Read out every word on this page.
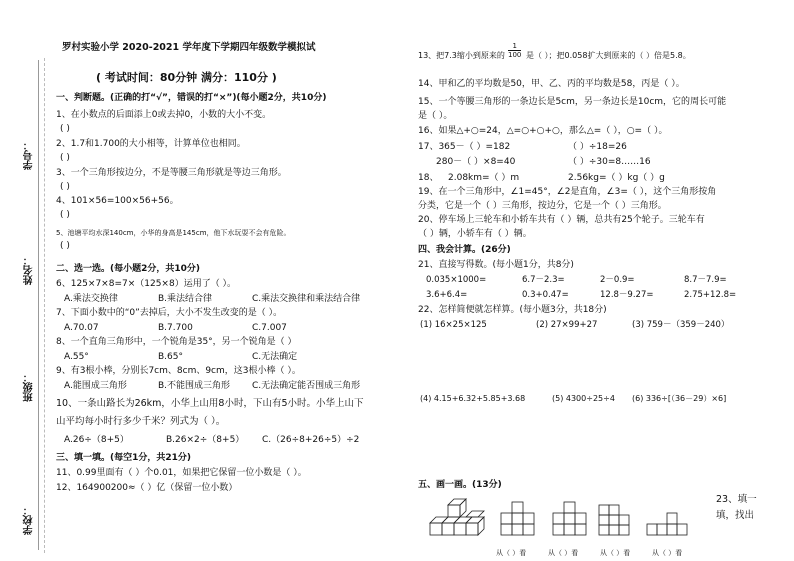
学号：
姓名：
班级：
学校：
罗村实验小学 2020-2021 学年度下学期四年级数学模拟试
( 考试时间：80分钟 满分：110分 )
一、判断题。(正确的打“√”，错误的打“×”)(每小题2分，共10分)
1、在小数点的后面添上0或去掉0，小数的大小不变。
( )
2、1.7和1.700的大小相等，计算单位也相同。
( )
3、一个三角形按边分，不是等腰三角形就是等边三角形。
( )
4、101×56=100×56+56。
( )
5、池塘平均水深140cm，小华的身高是145cm，他下水玩耍不会有危险。
( )
二、选一选。(每小题2分，共10分)
6、125×7×8=7×（125×8）运用了（ ）。
A.乘法交换律	B.乘法结合律	C.乘法交换律和乘法结合律
7、下面小数中的“0”去掉后，大小不发生改变的是（ ）。
A.70.07	B.7.700	C.7.007
8、一个直角三角形中，一个锐角是35°，另一个锐角是（ ）
A.55°	B.65°	C.无法确定
9、有3根小棒，分别长7cm、8cm、9cm，这3根小棒（ ）。
A.能围成三角形	B.不能围成三角形 C.无法确定能否围成三角形
10、一条山路长为26km，小华上山用8小时，下山有5小时。小华上山下
山平均每小时行多少千米？列式为（ ）。
A.26÷（8+5）	B.26×2÷（8+5） C.（26÷8+26÷5）÷2
三、填一填。(每空1分，共21分)
11、0.99里面有（ ）个0.01，如果把它保留一位小数是（ ）。
12、164900200≈（ ）亿（保留一位小数）
13、把7.3缩小到原来的 $\frac{1}{100}$ 是（ ）；把0.058扩大到原来的（ ）倍是5.8。
14、甲和乙的平均数是50，甲、乙、丙的平均数是58，丙是（ ）。
15、一个等腰三角形的一条边长是5cm，另一条边长是10cm，它的周长可能
是（ ）。
16、如果△+○=24，△=○+○+○，那么△=（ ），○=（ ）。
17、365－（ ）=182	（ ）÷18=26
280－（ ）×8=40	（ ）÷30=8……16
18、 2.08km=（ ）m	2.56kg=（ ）kg（ ）g
19、在一个三角形中，∠1=45°，∠2是直角，∠3=（ ），这个三角形按角
分类，它是一个（ ）三角形，按边分，它是一个（ ）三角形。
20、停车场上三轮车和小轿车共有（ ）辆，总共有25个轮子。三轮车有
（ ）辆，小轿车有（ ）辆。
四、我会计算。(26分)
21、直接写得数。(每小题1分，共8分)
0.035×1000=	6.7－2.3=	2－0.9=	8.7－7.9=
3.6+6.4=	0.3+0.47=	12.8－9.27=	2.75+12.8=
22、怎样简便就怎样算。(每小题3分，共18分)
(1) 16×25×125	(2) 27×99+27	(3) 759－（359－240）
(4) 4.15+6.32+5.85+3.68	(5) 4300÷25÷4 (6) 336÷[（36－29）×6]
五、画一画。(13分)
23、填一
填，找出
从（ ）看	从（ ）看	从（ ）看	从（ ）看
